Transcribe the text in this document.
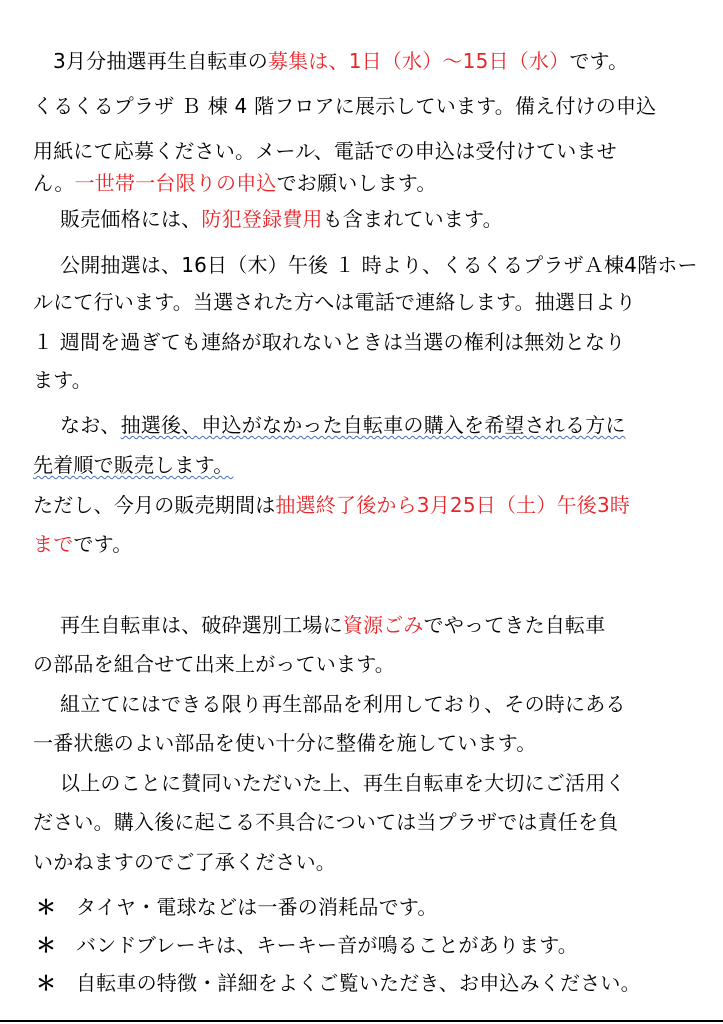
3月分抽選再生自転車の募集は、1日（水）～15日（水）です。
くるくるプラザ Ｂ 棟 4 階フロアに展示しています。備え付けの申込
用紙にて応募ください。メール、電話での申込は受付けていませ
ん。一世帯一台限りの申込でお願いします。
販売価格には、防犯登録費用も含まれています。
公開抽選は、16日（木）午後 １ 時より、くるくるプラザＡ棟4階ホー
ルにて行います。当選された方へは電話で連絡します。抽選日より
１ 週間を過ぎても連絡が取れないときは当選の権利は無効となり
ます。
なお、抽選後、申込がなかった自転車の購入を希望される方に
先着順で販売します。
ただし、今月の販売期間は抽選終了後から3月25日（土）午後3時
までです。
再生自転車は、破砕選別工場に資源ごみでやってきた自転車
の部品を組合せて出来上がっています。
組立てにはできる限り再生部品を利用しており、その時にある
一番状態のよい部品を使い十分に整備を施しています。
以上のことに賛同いただいた上、再生自転車を大切にご活用く
ださい。購入後に起こる不具合については当プラザでは責任を負
いかねますのでご了承ください。
＊ タイヤ・電球などは一番の消耗品です。
＊ バンドブレーキは、キーキー音が鳴ることがあります。
＊ 自転車の特徴・詳細をよくご覧いただき、お申込みください。
